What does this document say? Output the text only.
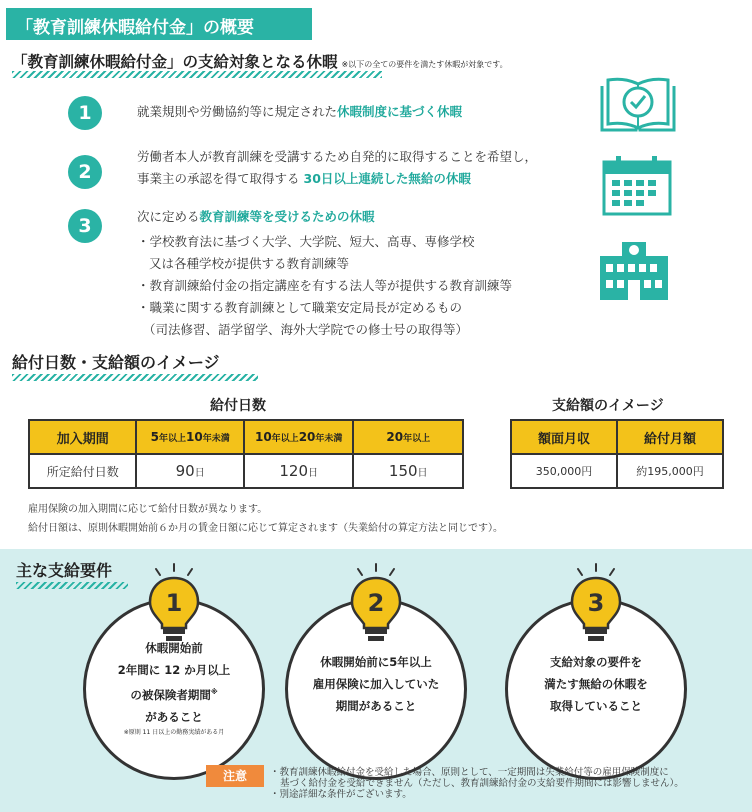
「教育訓練休暇給付金」の概要
「教育訓練休暇給付金」の支給対象となる休暇 ※以下の全ての要件を満たす休暇が対象です。
1	就業規則や労働協約等に規定された休暇制度に基づく休暇
2
労働者本人が教育訓練を受講するため自発的に取得することを希望し，
事業主の承認を得て取得する 30日以上連続した無給の休暇
3	次に定める教育訓練等を受けるための休暇
・学校教育法に基づく大学、大学院、短大、高専、専修学校
又は各種学校が提供する教育訓練等
・教育訓練給付金の指定講座を有する法人等が提供する教育訓練等
・職業に関する教育訓練として職業安定局長が定めるもの
（司法修習、語学留学、海外大学院での修士号の取得等）
給付日数・支給額のイメージ
給付日数
加入期間	5年以上10年未満	10年以上20年未満	20年以上
所定給付日数	90日	120日	150日
支給額のイメージ
額面月収	給付月額
350,000円	約195,000円
雇用保険の加入期間に応じて給付日数が異なります。
給付日額は、原則休暇開始前６か月の賃金日額に応じて算定されます（失業給付の算定方法と同じです）。
主な支給要件
休暇開始前
2年間に 12 か月以上
の被保険者期間※
があること
※原則 11 日以上の勤務実績がある月
休暇開始前に5年以上
雇用保険に加入していた
期間があること
支給対象の要件を
満たす無給の休暇を
取得していること
1	2	3
注意	・教育訓練休暇給付金を受給した場合、原則として、一定期間は失業給付等の雇用保険制度に
基づく給付金を受給できません（ただし、教育訓練給付金の支給要件期間には影響しません）。
・別途詳細な条件がございます。
